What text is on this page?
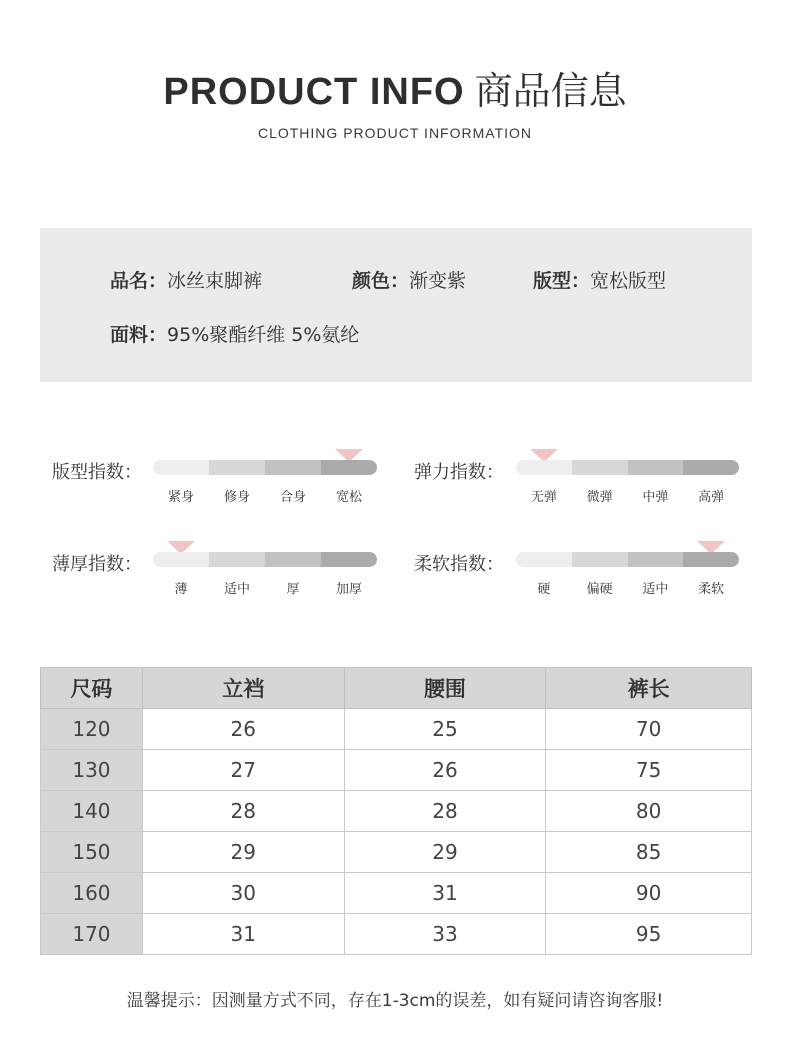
PRODUCT INFO 商品信息
CLOTHING PRODUCT INFORMATION
品名：冰丝束脚裤	颜色：渐变紫	版型：宽松版型
面料：95%聚酯纤维 5%氨纶
版型指数：
紧身	修身	合身	宽松
弹力指数：
无弹	微弹	中弹	高弹
薄厚指数：
薄	适中	厚	加厚
柔软指数：
硬	偏硬	适中	柔软
尺码	立裆	腰围	裤长
120	26	25	70
130	27	26	75
140	28	28	80
150	29	29	85
160	30	31	90
170	31	33	95
温馨提示：因测量方式不同，存在1-3cm的误差，如有疑问请咨询客服!
